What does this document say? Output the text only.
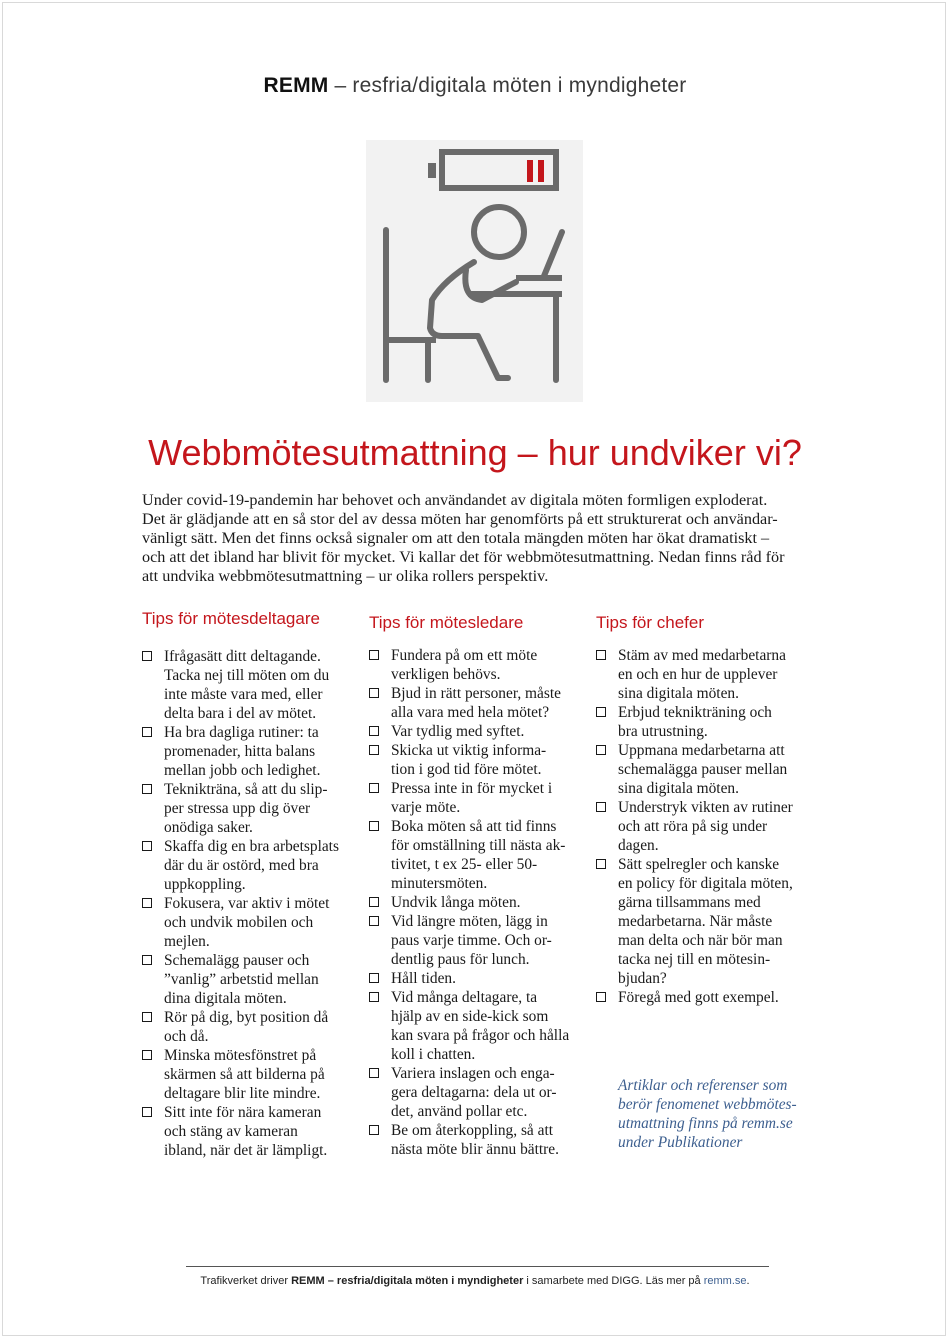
REMM – resfria/digitala möten i myndigheter
Webbmötesutmattning – hur undviker vi?

Under covid-19-pandemin har behovet och användandet av digitala möten formligen exploderat.
Det är glädjande att en så stor del av dessa möten har genomförts på ett strukturerat och användar-
vänligt sätt. Men det finns också signaler om att den totala mängden möten har ökat dramatiskt –
och att det ibland har blivit för mycket. Vi kallar det för webbmötesutmattning. Nedan finns råd för
att undvika webbmötesutmattning – ur olika rollers perspektiv.

Tips för mötesdeltagare
Ifrågasätt ditt deltagande.
Tacka nej till möten om du
inte måste vara med, eller
delta bara i del av mötet.
Ha bra dagliga rutiner: ta
promenader, hitta balans
mellan jobb och ledighet.
Tekniktränа, så att du slip-
per stressa upp dig över
onödiga saker.
Skaffa dig en bra arbetsplats
där du är ostörd, med bra
uppkoppling.
Fokusera, var aktiv i mötet
och undvik mobilen och
mejlen.
Schemalägg pauser och
”vanlig” arbetstid mellan
dina digitala möten.
Rör på dig, byt position då
och då.
Minska mötesfönstret på
skärmen så att bilderna på
deltagare blir lite mindre.
Sitt inte för nära kameran
och stäng av kameran
ibland, när det är lämpligt.
Tips för mötesledare
Fundera på om ett möte
verkligen behövs.
Bjud in rätt personer, måste
alla vara med hela mötet?
Var tydlig med syftet.
Skicka ut viktig informa-
tion i god tid före mötet.
Pressa inte in för mycket i
varje möte.
Boka möten så att tid finns
för omställning till nästa ak-
tivitet, t ex 25- eller 50-
minutersmöten.
Undvik långa möten.
Vid längre möten, lägg in
paus varje timme. Och or-
dentlig paus för lunch.
Håll tiden.
Vid många deltagare, ta
hjälp av en side-kick som
kan svara på frågor och hålla
koll i chatten.
Variera inslagen och enga-
gera deltagarna: dela ut or-
det, använd pollar etc.
Be om återkoppling, så att
nästa möte blir ännu bättre.
Tips för chefer
Stäm av med medarbetarna
en och en hur de upplever
sina digitala möten.
Erbjud teknikträning och
bra utrustning.
Uppmana medarbetarna att
schemalägga pauser mellan
sina digitala möten.
Understryk vikten av rutiner
och att röra på sig under
dagen.
Sätt spelregler och kanske
en policy för digitala möten,
gärna tillsammans med
medarbetarna. När måste
man delta och när bör man
tacka nej till en mötesin-
bjudan?
Föregå med gott exempel.
Artiklar och referenser som
berör fenomenet webbmötes-
utmattning finns på remm.se
under Publikationer
Trafikverket driver REMM – resfria/digitala möten i myndigheter i samarbete med DIGG. Läs mer på remm.se.
